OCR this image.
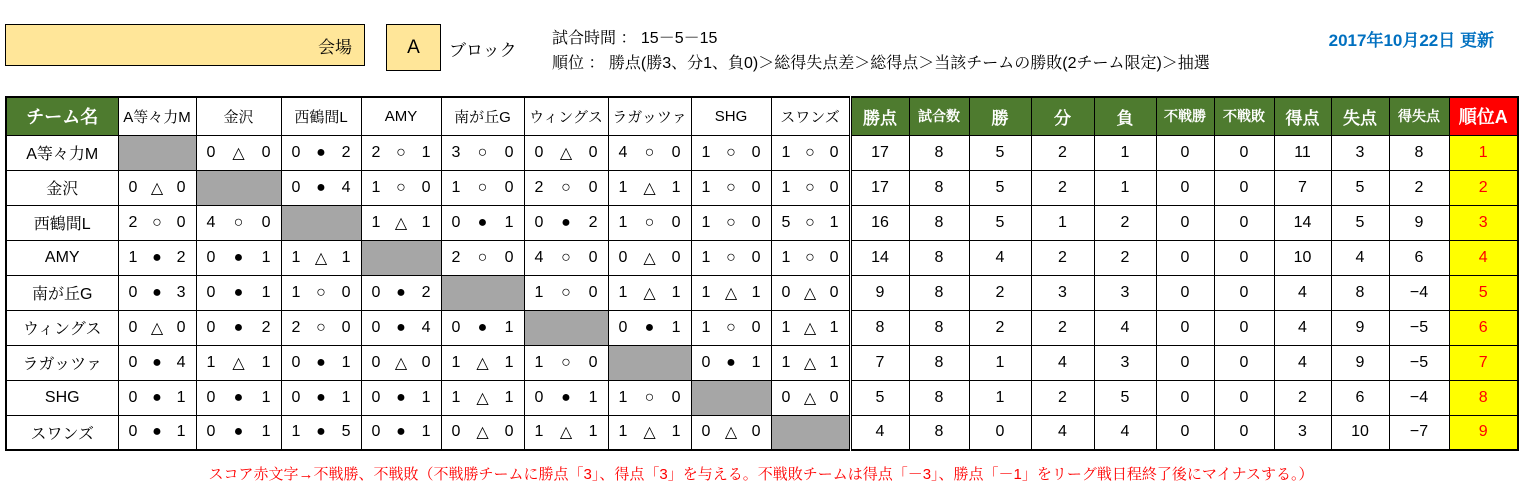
会場	A ブロック
試合時間 ： 15－5－15
順位 ： 勝点(勝3、分1、負0)＞総得失点差＞総得点＞当該チームの勝敗(2チーム限定)＞抽選
2017年10月22日 更新
チーム名	A等々力M	金沢	西鶴間L	AMY	南が丘G	ウィングス	ラガッツァ	SHG	スワンズ	勝点	試合数	勝	分	負	不戦勝	不戦敗	得点	失点	得失点	順位A
A等々力M		0 △ 0	0 ● 2	2 ○ 1	3 ○ 0	0 △ 0	4 ○ 0	1 ○ 0	1 ○ 0	17	8	5	2	1	0	0	11	3	8	1
金沢	0 △ 0		0 ● 4	1 ○ 0	1 ○ 0	2 ○ 0	1 △ 1	1 ○ 0	1 ○ 0	17	8	5	2	1	0	0	7	5	2	2
西鶴間L	2 ○ 0	4 ○ 0		1 △ 1	0 ● 1	0 ● 2	1 ○ 0	1 ○ 0	5 ○ 1	16	8	5	1	2	0	0	14	5	9	3
AMY	1 ● 2	0 ● 1	1 △ 1		2 ○ 0	4 ○ 0	0 △ 0	1 ○ 0	1 ○ 0	14	8	4	2	2	0	0	10	4	6	4
南が丘G	0 ● 3	0 ● 1	1 ○ 0	0 ● 2		1 ○ 0	1 △ 1	1 △ 1	0 △ 0	9	8	2	3	3	0	0	4	8	−4	5
ウィングス	0 △ 0	0 ● 2	2 ○ 0	0 ● 4	0 ● 1		0 ● 1	1 ○ 0	1 △ 1	8	8	2	2	4	0	0	4	9	−5	6
ラガッツァ	0 ● 4	1 △ 1	0 ● 1	0 △ 0	1 △ 1	1 ○ 0		0 ● 1	1 △ 1	7	8	1	4	3	0	0	4	9	−5	7
SHG	0 ● 1	0 ● 1	0 ● 1	0 ● 1	1 △ 1	0 ● 1	1 ○ 0		0 △ 0	5	8	1	2	5	0	0	2	6	−4	8
スワンズ	0 ● 1	0 ● 1	1 ● 5	0 ● 1	0 △ 0	1 △ 1	1 △ 1	0 △ 0		4	8	0	4	4	0	0	3	10	−7	9
スコア赤文字→不戦勝、不戦敗（不戦勝チームに勝点「3」、得点「3」を与える。不戦敗チームは得点「－3」、勝点「－1」をリーグ戦日程終了後にマイナスする。）
